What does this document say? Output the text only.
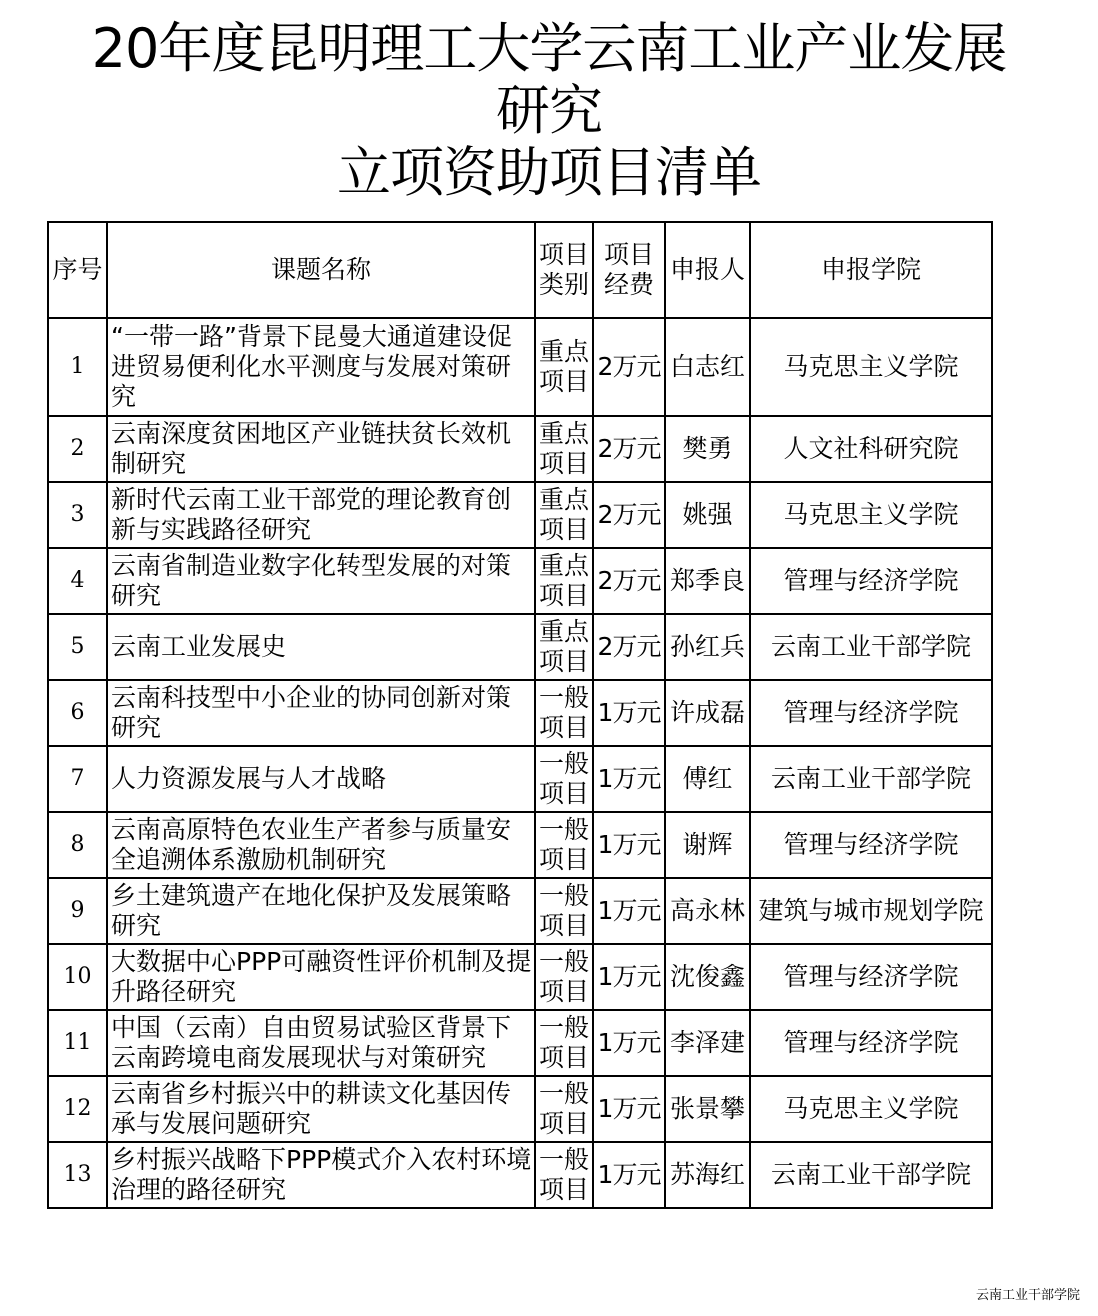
20年度昆明理工大学云南工业产业发展
研究
立项资助项目清单
序号	课题名称	项目类别	项目经费	申报人	申报学院
1	“一带一路”背景下昆曼大通道建设促进贸易便利化水平测度与发展对策研究	重点项目	2万元	白志红	马克思主义学院
2	云南深度贫困地区产业链扶贫长效机制研究	重点项目	2万元	樊勇	人文社科研究院
3	新时代云南工业干部党的理论教育创新与实践路径研究	重点项目	2万元	姚强	马克思主义学院
4	云南省制造业数字化转型发展的对策研究	重点项目	2万元	郑季良	管理与经济学院
5	云南工业发展史	重点项目	2万元	孙红兵	云南工业干部学院
6	云南科技型中小企业的协同创新对策研究	一般项目	1万元	许成磊	管理与经济学院
7	人力资源发展与人才战略	一般项目	1万元	傅红	云南工业干部学院
8	云南高原特色农业生产者参与质量安全追溯体系激励机制研究	一般项目	1万元	谢辉	管理与经济学院
9	乡土建筑遗产在地化保护及发展策略研究	一般项目	1万元	高永林	建筑与城市规划学院
10	大数据中心PPP可融资性评价机制及提升路径研究	一般项目	1万元	沈俊鑫	管理与经济学院
11	中国（云南）自由贸易试验区背景下云南跨境电商发展现状与对策研究	一般项目	1万元	李泽建	管理与经济学院
12	云南省乡村振兴中的耕读文化基因传承与发展问题研究	一般项目	1万元	张景攀	马克思主义学院
13	乡村振兴战略下PPP模式介入农村环境治理的路径研究	一般项目	1万元	苏海红	云南工业干部学院
云南工业干部学院
